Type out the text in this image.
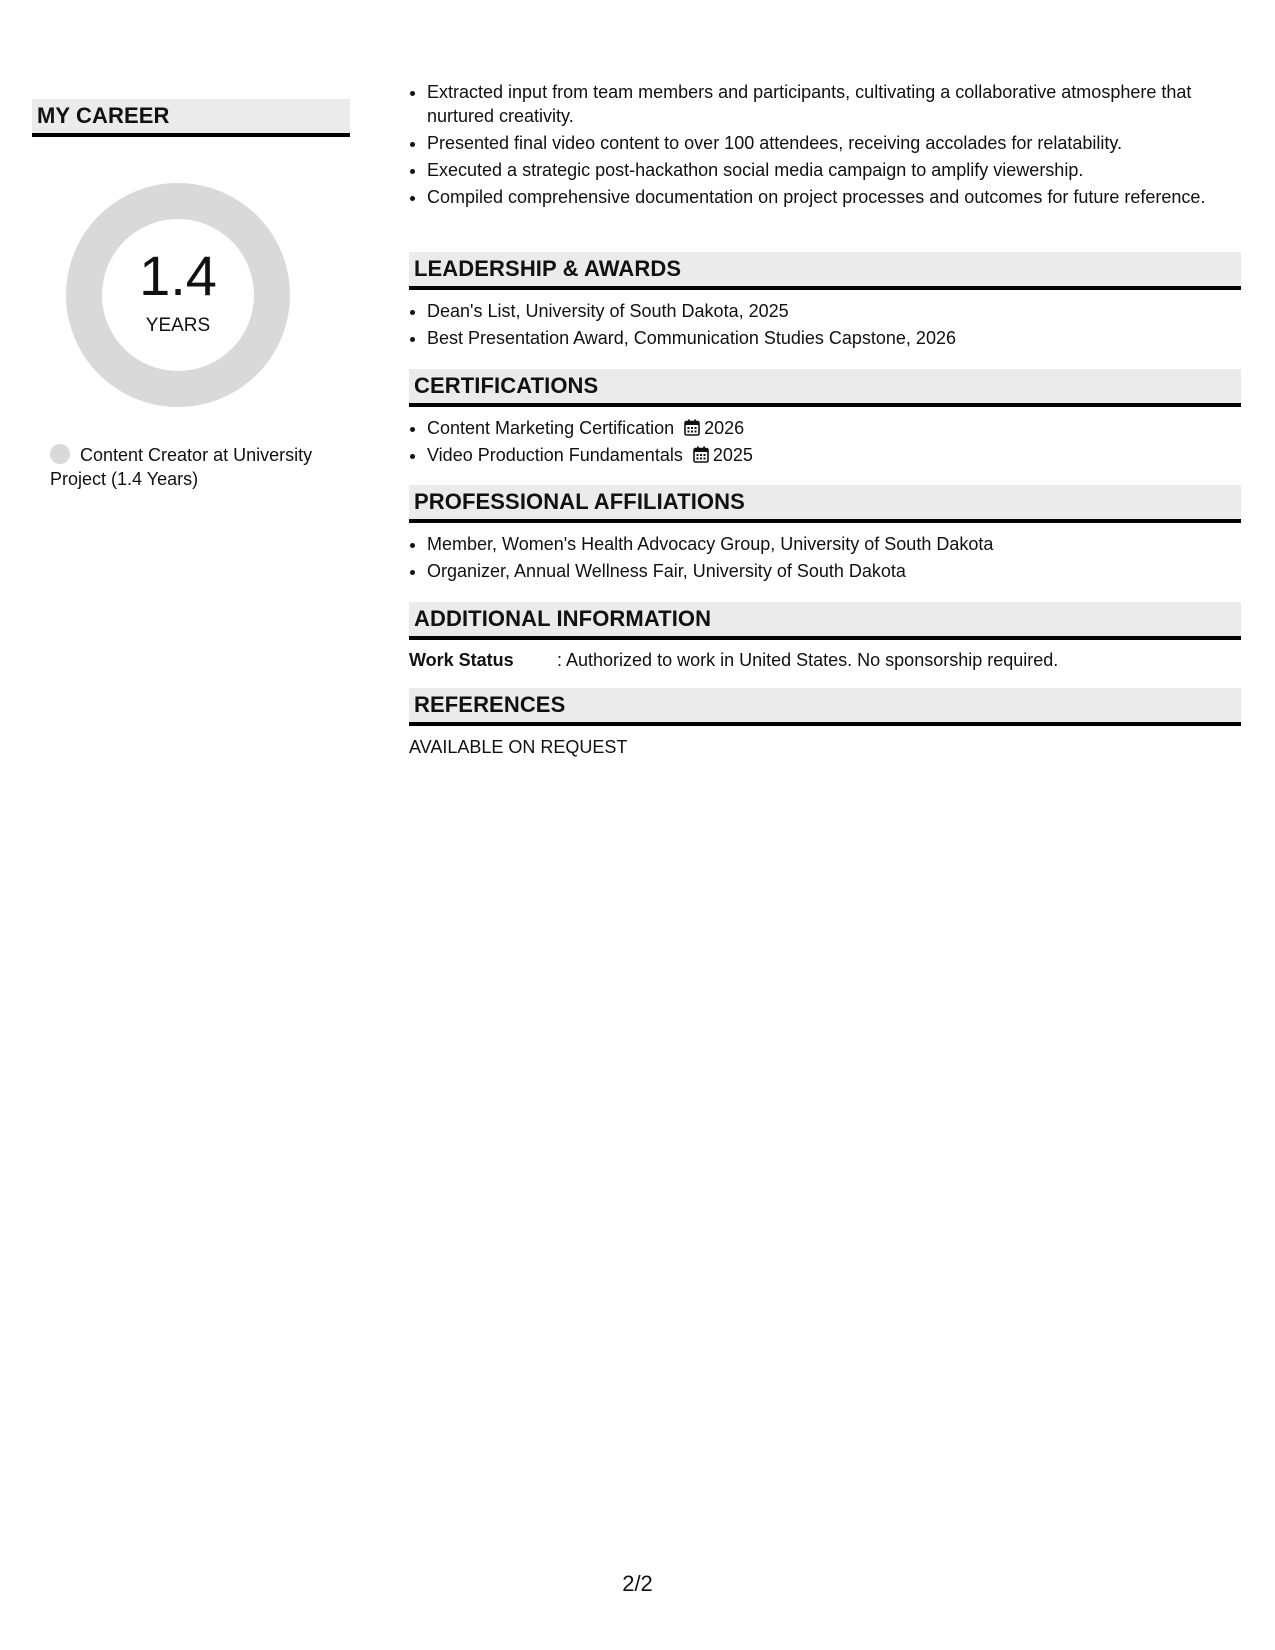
MY CAREER
1.4
YEARS
Content Creator at University Project (1.4 Years)
• Extracted input from team members and participants, cultivating a collaborative atmosphere that nurtured creativity.
• Presented final video content to over 100 attendees, receiving accolades for relatability.
• Executed a strategic post-hackathon social media campaign to amplify viewership.
• Compiled comprehensive documentation on project processes and outcomes for future reference.
LEADERSHIP & AWARDS
• Dean's List, University of South Dakota, 2025
• Best Presentation Award, Communication Studies Capstone, 2026
CERTIFICATIONS
• Content Marketing Certification 2026
• Video Production Fundamentals 2025
PROFESSIONAL AFFILIATIONS
• Member, Women's Health Advocacy Group, University of South Dakota
• Organizer, Annual Wellness Fair, University of South Dakota
ADDITIONAL INFORMATION
Work Status : Authorized to work in United States. No sponsorship required.
REFERENCES
AVAILABLE ON REQUEST
2/2
